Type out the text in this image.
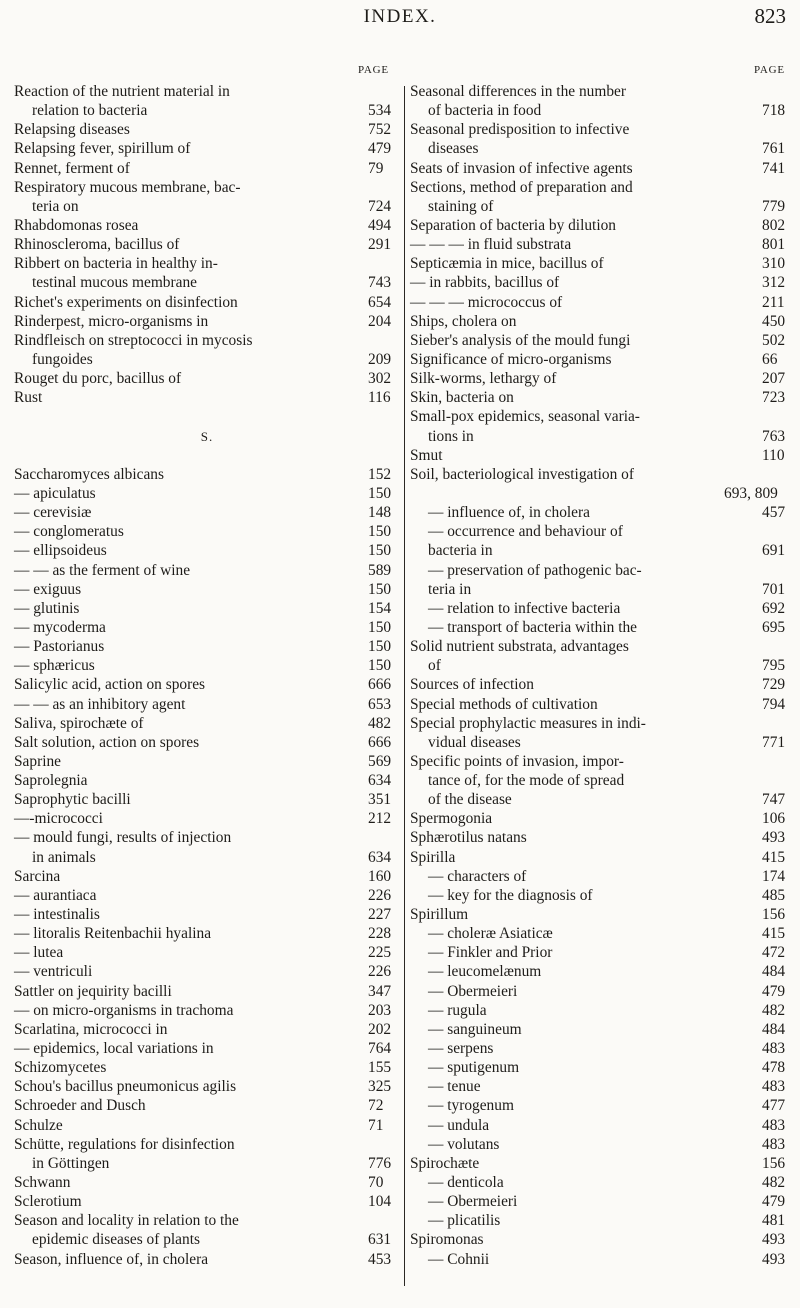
INDEX.	823
PAGE	PAGE
Reaction of the nutrient material in
relation to bacteria	534
Relapsing diseases	752
Relapsing fever, spirillum of	479
Rennet, ferment of	79
Respiratory mucous membrane, bac-
teria on	724
Rhabdomonas rosea	494
Rhinoscleroma, bacillus of	291
Ribbert on bacteria in healthy in-
testinal mucous membrane	743
Richet's experiments on disinfection	654
Rinderpest, micro-organisms in	204
Rindfleisch on streptococci in mycosis
fungoides	209
Rouget du porc, bacillus of	302
Rust	116
S.
Saccharomyces albicans	152
— apiculatus	150
— cerevisiæ	148
— conglomeratus	150
— ellipsoideus	150
— — as the ferment of wine	589
— exiguus	150
— glutinis	154
— mycoderma	150
— Pastorianus	150
— sphæricus	150
Salicylic acid, action on spores	666
— — as an inhibitory agent	653
Saliva, spirochæte of	482
Salt solution, action on spores	666
Saprine	569
Saprolegnia	634
Saprophytic bacilli	351
—-micrococci	212
— mould fungi, results of injection
in animals	634
Sarcina	160
— aurantiaca	226
— intestinalis	227
— litoralis Reitenbachii hyalina	228
— lutea	225
— ventriculi	226
Sattler on jequirity bacilli	347
— on micro-organisms in trachoma	203
Scarlatina, micrococci in	202
— epidemics, local variations in	764
Schizomycetes	155
Schou's bacillus pneumonicus agilis	325
Schroeder and Dusch	72
Schulze	71
Schütte, regulations for disinfection
in Göttingen	776
Schwann	70
Sclerotium	104
Season and locality in relation to the
epidemic diseases of plants	631
Season, influence of, in cholera	453
Seasonal differences in the number
of bacteria in food	718
Seasonal predisposition to infective
diseases	761
Seats of invasion of infective agents	741
Sections, method of preparation and
staining of	779
Separation of bacteria by dilution	802
— — — in fluid substrata	801
Septicæmia in mice, bacillus of	310
— in rabbits, bacillus of	312
— — — micrococcus of	211
Ships, cholera on	450
Sieber's analysis of the mould fungi	502
Significance of micro-organisms	66
Silk-worms, lethargy of	207
Skin, bacteria on	723
Small-pox epidemics, seasonal varia-
tions in	763
Smut	110
Soil, bacteriological investigation of
693, 809
— influence of, in cholera	457
— occurrence and behaviour of
bacteria in	691
— preservation of pathogenic bac-
teria in	701
— relation to infective bacteria	692
— transport of bacteria within the	695
Solid nutrient substrata, advantages
of	795
Sources of infection	729
Special methods of cultivation	794
Special prophylactic measures in indi-
vidual diseases	771
Specific points of invasion, impor-
tance of, for the mode of spread
of the disease	747
Spermogonia	106
Sphærotilus natans	493
Spirilla	415
— characters of	174
— key for the diagnosis of	485
Spirillum	156
— choleræ Asiaticæ	415
— Finkler and Prior	472
— leucomelænum	484
— Obermeieri	479
— rugula	482
— sanguineum	484
— serpens	483
— sputigenum	478
— tenue	483
— tyrogenum	477
— undula	483
— volutans	483
Spirochæte	156
— denticola	482
— Obermeieri	479
— plicatilis	481
Spiromonas	493
— Cohnii	493
